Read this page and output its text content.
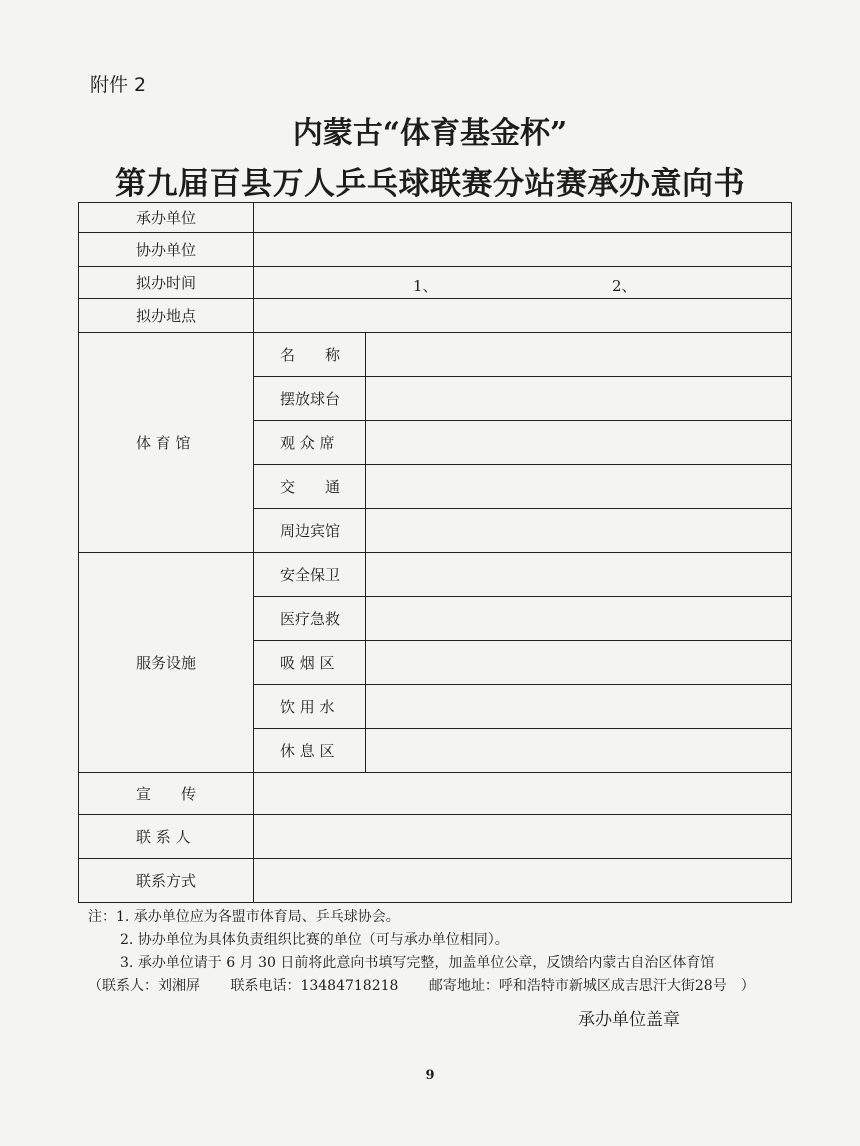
附件 2
内蒙古“体育基金杯”
第九届百县万人乒乓球联赛分站赛承办意向书
承办单位		
协办单位		
拟办时间	1、 2、	

拟办地点		
体 育 馆	名　　称	
	摆放球台	
	观 众 席	
	交　　通	
	周边宾馆	
服务设施	安全保卫	
	医疗急救	
	吸 烟 区	
	饮 用 水	
	休 息 区	
宣　　传		
联 系 人		
联系方式		
注：1. 承办单位应为各盟市体育局、乒乓球协会。
2. 协办单位为具体负责组织比赛的单位（可与承办单位相同）。
3. 承办单位请于 6 月 30 日前将此意向书填写完整，加盖单位公章，反馈给内蒙古自治区体育馆
（联系人：刘湘屏 联系电话：13484718218 邮寄地址：呼和浩特市新城区成吉思汗大街28号　）
承办单位盖章
9
